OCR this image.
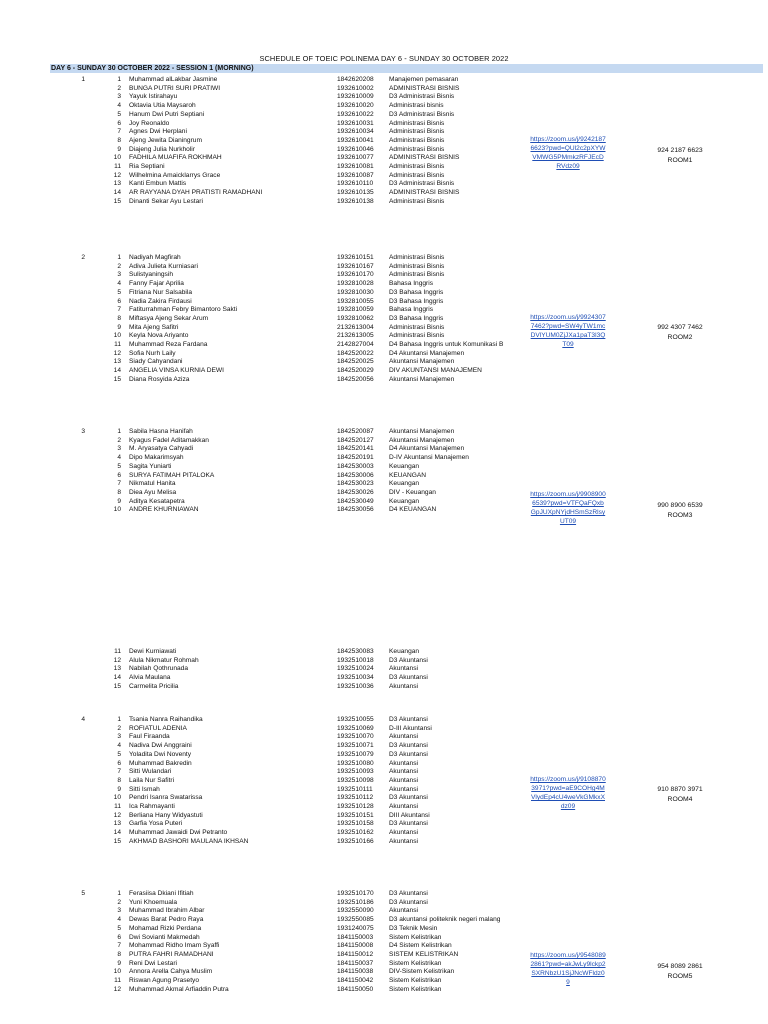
SCHEDULE OF TOEIC POLINEMA DAY 6 - SUNDAY 30 OCTOBER 2022
DAY 6 - SUNDAY 30 OCTOBER 2022 - SESSION 1 (MORNING)
1	1 Muhammad alLakbar Jasmine	1842620208 Manajemen pemasaran
2 BUNGA PUTRI SURI PRATIWI	1932610002 ADMINISTRASI BISNIS
3 Yayuk Istirahayu	1932610009 D3 Administrasi Bisnis
4 Oktavia Utia Maysaroh	1932610020 Administrasi bisnis
5 Hanum Dwi Putri Septiani	1932610022 D3 Administrasi Bisnis
6 Joy Reonaldo	1932610031 Administrasi Bisnis
7 Agnes Dwi Herplani	1932610034 Administrasi Bisnis
8 Ajeng Jewita Dianingrum	1932610041 Administrasi Bisnis
9 Diajeng Julia Nurkholir	1932610046 Administrasi Bisnis
10 FADHILA MUAFIFA ROKHMAH	1932610077 ADMINISTRASI BISNIS
11 Ria Septiani	1932610081 Administrasi Bisnis
12 Wilhelmina Amaicklarrys Grace	1932610087 Administrasi Bisnis
13 Kanti Embun Mattis	1932610110 D3 Administrasi Bisnis
14 AR RAYYANA DYAH PRATISTI RAMADHANI	1932610135 ADMINISTRASI BISNIS
15 Dinanti Sekar Ayu Lestari	1932610138 Administrasi Bisnis
https://zoom.us/j/92421876623?pwd=QUl2c2pXYWVMWG5PMmkzRFJEcDRVdz09
924 2187 6623
ROOM1
2	1 Nadiyah Magfirah	1932610151 Administrasi Bisnis
2 Adiva Julieta Kurniasari	1932610167 Administrasi Bisnis
3 Sulistyaningsih	1932610170 Administrasi Bisnis
4 Fanny Fajar Aprilia	1932810028 Bahasa Inggris
5 Fitriana Nur Salsabila	1932810030 D3 Bahasa Inggris
6 Nadia Zakira Firdausi	1932810055 D3 Bahasa Inggris
7 Fatiturrahman Febry Bimantoro Sakti	1932810059 Bahasa Inggris
8 Miftasya Ajeng Sekar Arum	1932810062 D3 Bahasa Inggris
9 Mita Ajeng Safitri	2132613004 Administrasi Bisnis
10 Keyla Nova Ariyanto	2132613005 Administrasi Bisnis
11 Muhammad Reza Fardana	2142827004 D4 Bahasa Inggris untuk Komunikasi B
12 Sofia Nurh Laily	1842520022 D4 Akuntansi Manajemen
13 Siady Cahyandani	1842520025 Akuntansi Manajemen
14 ANGELIA VINSA KURNIA DEWI	1842520029 DIV AKUNTANSI MANAJEMEN
15 Diana Rosyida Aziza	1842520056 Akuntansi Manajemen
https://zoom.us/j/99243077462?pwd=SW4yTW1mcDVlYUM0ZjJXa1paT3l3QT09
992 4307 7462
ROOM2
3	1 Sabila Hasna Hanifah	1842520087 Akuntansi Manajemen
2 Kyagus Fadel Aditamakkan	1842520127 Akuntansi Manajemen
3 M. Aryasatya Cahyadi	1842520141 D4 Akuntansi Manajemen
4 Dipo Makarimsyah	1842520191 D-IV Akuntansi Manajemen
5 Sagita Yuniarti	1842530003 Keuangan
6 SURYA FATIMAH PITALOKA	1842530006 KEUANGAN
7 Nikmatul Hanita	1842530023 Keuangan
8 Diea Ayu Melisa	1842530026 DIV - Keuangan
9 Aditya Kesatapetra	1842530049 Keuangan
10 ANDRE KHURNIAWAN	1842530056 D4 KEUANGAN
11 Dewi Kurniawati	1842530083 Keuangan
12 Alula Nikmatur Rohmah	1932510018 D3 Akuntansi
13 Nabilah Qothrunada	1932510024 Akuntansi
14 Alvia Maulana	1932510034 D3 Akuntansi
15 Carmelita Pricilia	1932510036 Akuntansi
https://zoom.us/j/99089006539?pwd=VTFQaFQxbGpJUXpNYjdHSmSzRlsyUT09
990 8900 6539
ROOM3
4	1 Tsania Nanra Raihandika	1932510055 D3 Akuntansi
2 ROFIATUL ADENIA	1932510069 D-III Akuntansi
3 Faul Firaanda	1932510070 Akuntansi
4 Nadiva Dwi Anggraini	1932510071 D3 Akuntansi
5 Yoladita Dwi Noventy	1932510079 D3 Akuntansi
6 Muhammad Bakredin	1932510080 Akuntansi
7 Sitti Wulandari	1932510093 Akuntansi
8 Laila Nur Safitri	1932510098 Akuntansi
9 Sitti Ismah	1932510111 Akuntansi
10 Pendri Isanra Swatarissa	1932510112 D3 Akuntansi
11 Ica Rahmayanti	1932510128 Akuntansi
12 Berliana Hany Widyastuti	1932510151 DIII Akuntansi
13 Garfia Yosa Puteri	1932510158 D3 Akuntansi
14 Muhammad Jawaidi Dwi Petranto	1932510162 Akuntansi
15 AKHMAD BASHORI MAULANA IKHSAN	1932510166 Akuntansi
https://zoom.us/j/91088703971?pwd=aE9COHg4MVlydEp4cU4weVkGMkxXdz09
910 8870 3971
ROOM4
5	1 Ferasiisa Dkiani Ifitiah	1932510170 D3 Akuntansi
2 Yuni Khoemuala	1932510186 D3 Akuntansi
3 Muhammad Ibrahim Albar	1932550090 Akuntansi
4 Dewas Barat Pedro Raya	1932550085 D3 akuntansi politeknik negeri malang
5 Mohamad Rizki Perdana	1931240075 D3 Teknik Mesin
6 Dwi Sovianti Makmedah	1841150003 Sistem Kelistrikan
7 Mohammad Ridho Imam Syaffi	1841150008 D4 Sistem Kelistrikan
8 PUTRA FAHRI RAMADHANI	1841150012 SISTEM KELISTRIKAN
9 Reni Dwi Lestari	1841150037 Sistem Kelistrikan
10 Annora Arella Cahya Muslim	1841150038 DIV-Sistem Kelistrikan
11 Riswan Agung Prasetyo	1841150042 Sistem Kelistrikan
12 Muhammad Akmal Arfiaddin Putra	1841150050 Sistem Kelistrikan
https://zoom.us/j/95480892861?pwd=akJwLy9lckp2SXRNbzU1SjJNcWFldz09
954 8089 2861
ROOM5
